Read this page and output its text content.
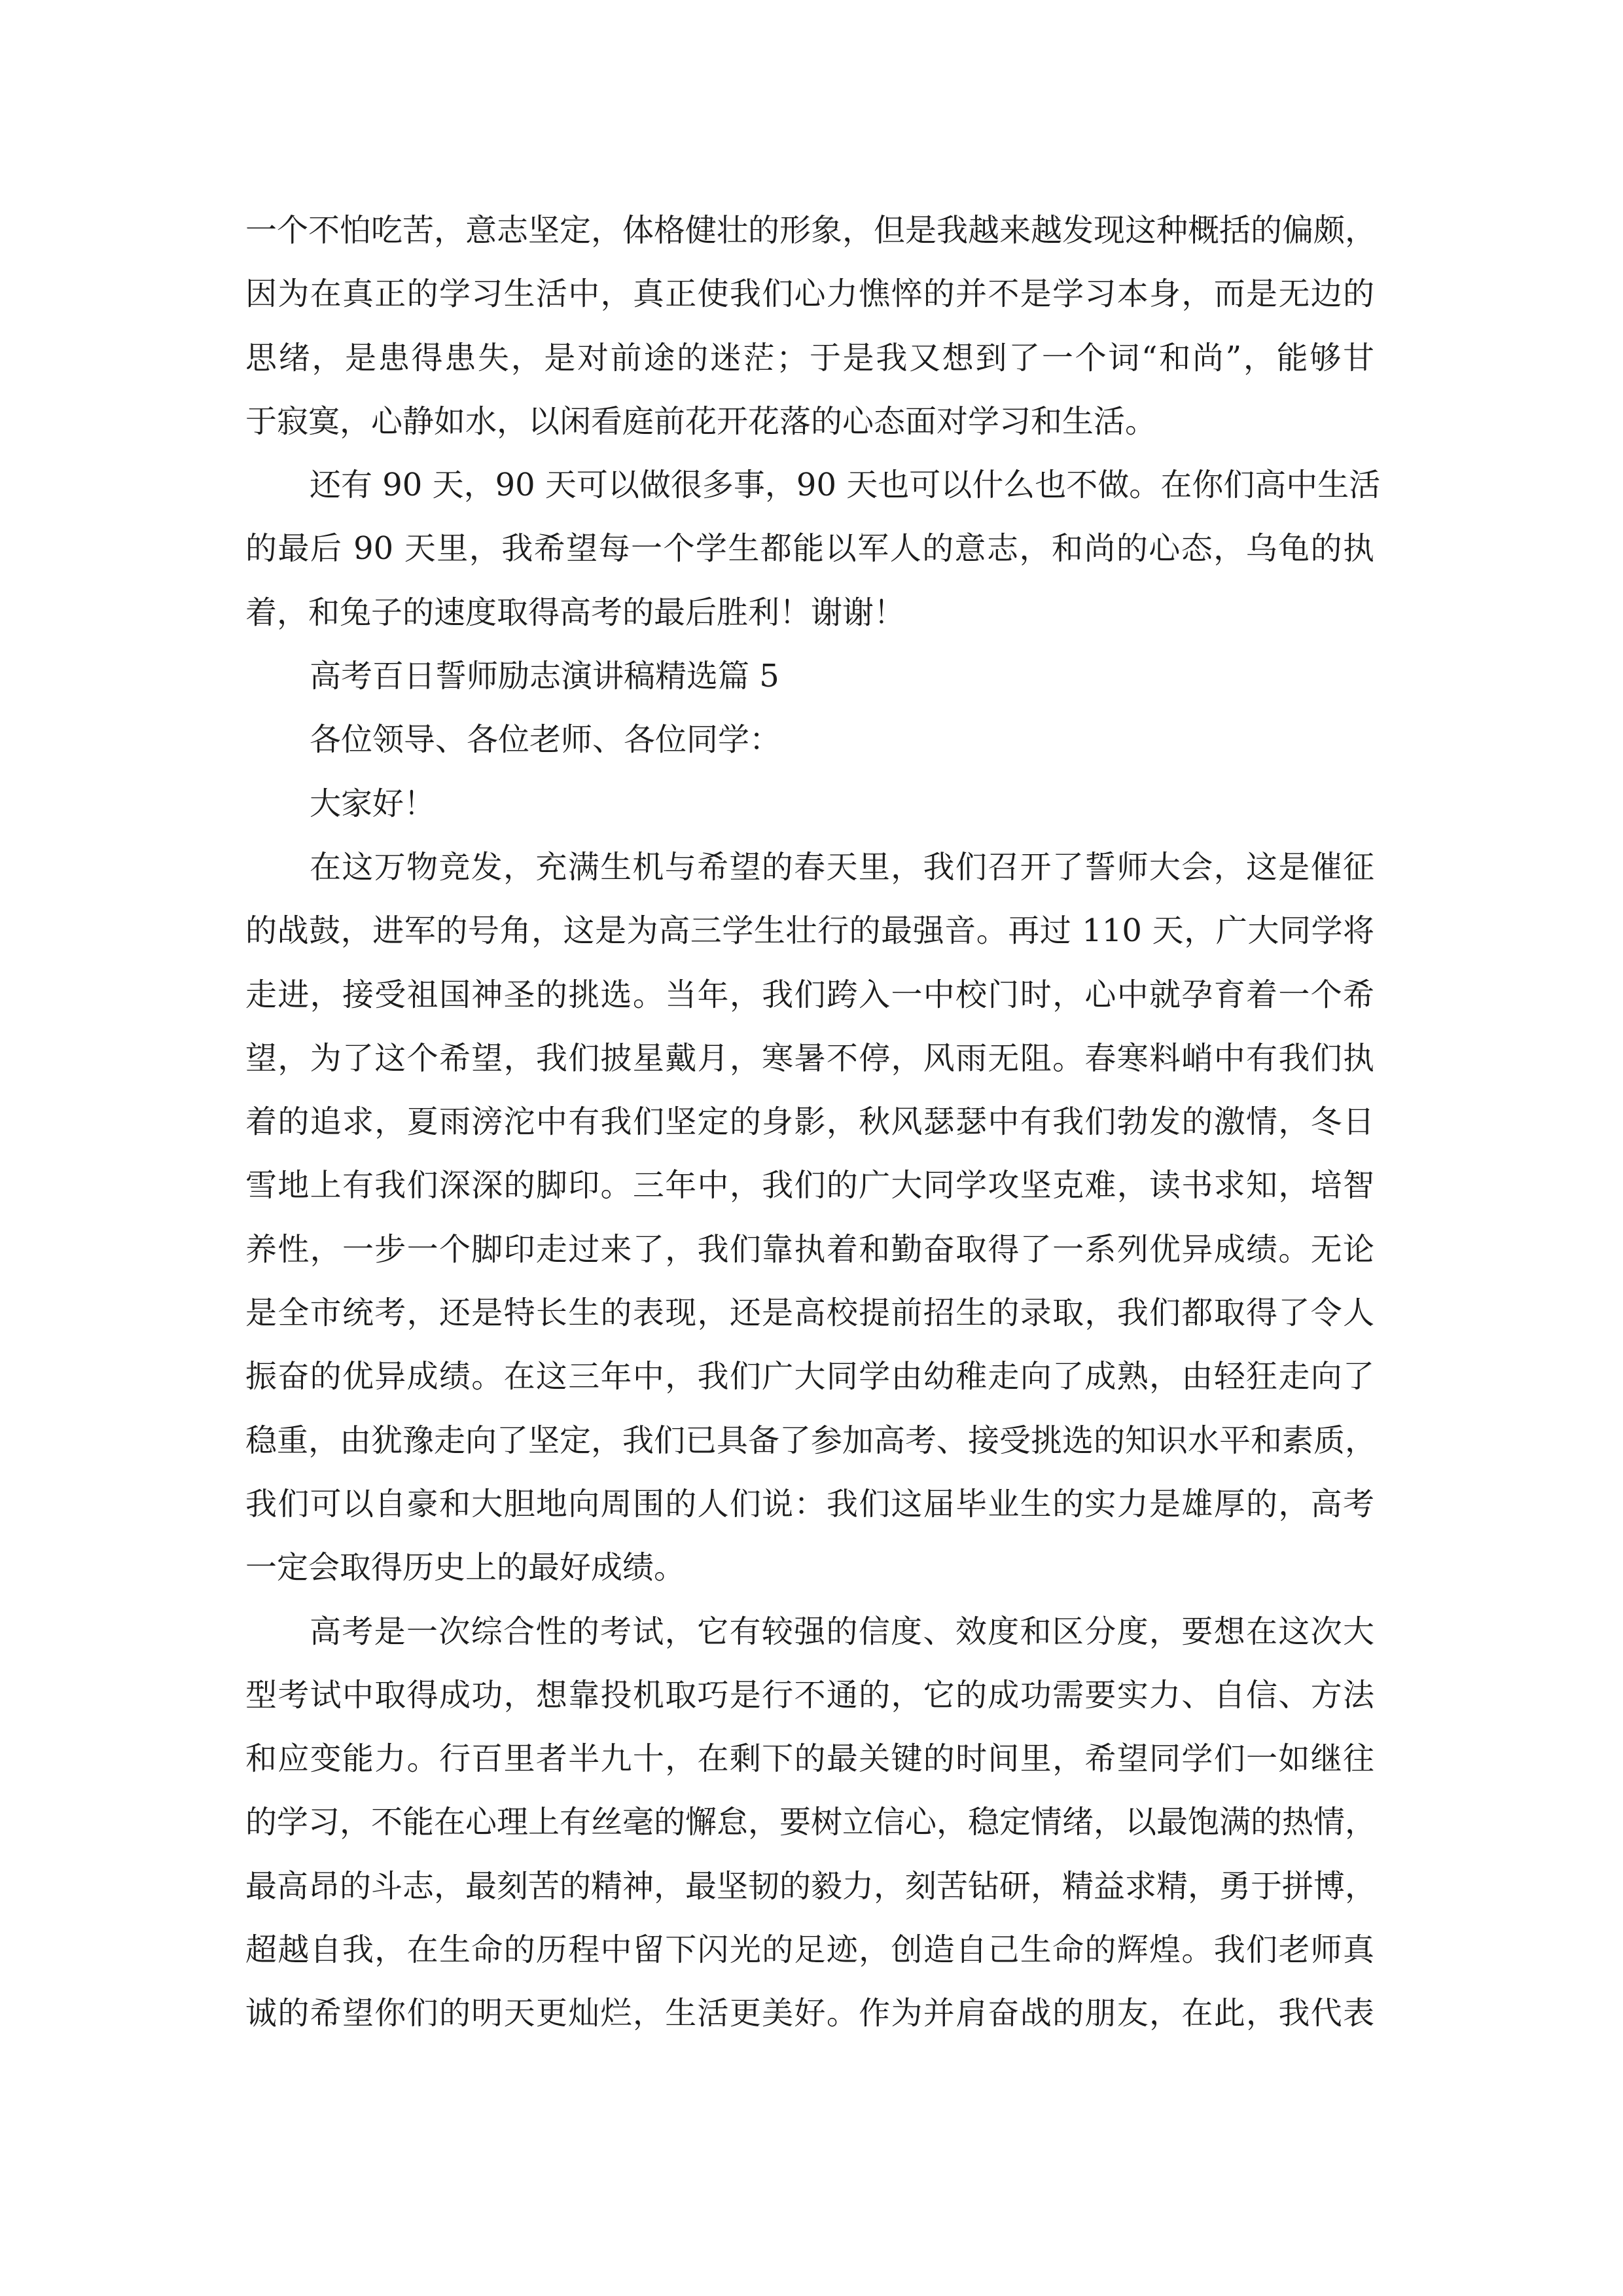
一个不怕吃苦，意志坚定，体格健壮的形象，但是我越来越发现这种概括的偏颇，
因为在真正的学习生活中，真正使我们心力憔悴的并不是学习本身，而是无边的
思绪，是患得患失，是对前途的迷茫；于是我又想到了一个词“和尚”，能够甘
于寂寞，心静如水，以闲看庭前花开花落的心态面对学习和生活。
还有 90 天，90 天可以做很多事，90 天也可以什么也不做。在你们高中生活
的最后 90 天里，我希望每一个学生都能以军人的意志，和尚的心态，乌龟的执
着，和兔子的速度取得高考的最后胜利！谢谢！
高考百日誓师励志演讲稿精选篇 5
各位领导、各位老师、各位同学：
大家好！
在这万物竞发，充满生机与希望的春天里，我们召开了誓师大会，这是催征
的战鼓，进军的号角，这是为高三学生壮行的最强音。再过 110 天，广大同学将
走进，接受祖国神圣的挑选。当年，我们跨入一中校门时，心中就孕育着一个希
望，为了这个希望，我们披星戴月，寒暑不停，风雨无阻。春寒料峭中有我们执
着的追求，夏雨滂沱中有我们坚定的身影，秋风瑟瑟中有我们勃发的激情，冬日
雪地上有我们深深的脚印。三年中，我们的广大同学攻坚克难，读书求知，培智
养性，一步一个脚印走过来了，我们靠执着和勤奋取得了一系列优异成绩。无论
是全市统考，还是特长生的表现，还是高校提前招生的录取，我们都取得了令人
振奋的优异成绩。在这三年中，我们广大同学由幼稚走向了成熟，由轻狂走向了
稳重，由犹豫走向了坚定，我们已具备了参加高考、接受挑选的知识水平和素质，
我们可以自豪和大胆地向周围的人们说：我们这届毕业生的实力是雄厚的，高考
一定会取得历史上的最好成绩。
高考是一次综合性的考试，它有较强的信度、效度和区分度，要想在这次大
型考试中取得成功，想靠投机取巧是行不通的，它的成功需要实力、自信、方法
和应变能力。行百里者半九十，在剩下的最关键的时间里，希望同学们一如继往
的学习，不能在心理上有丝毫的懈怠，要树立信心，稳定情绪，以最饱满的热情，
最高昂的斗志，最刻苦的精神，最坚韧的毅力，刻苦钻研，精益求精，勇于拼博，
超越自我，在生命的历程中留下闪光的足迹，创造自己生命的辉煌。我们老师真
诚的希望你们的明天更灿烂，生活更美好。作为并肩奋战的朋友，在此，我代表
